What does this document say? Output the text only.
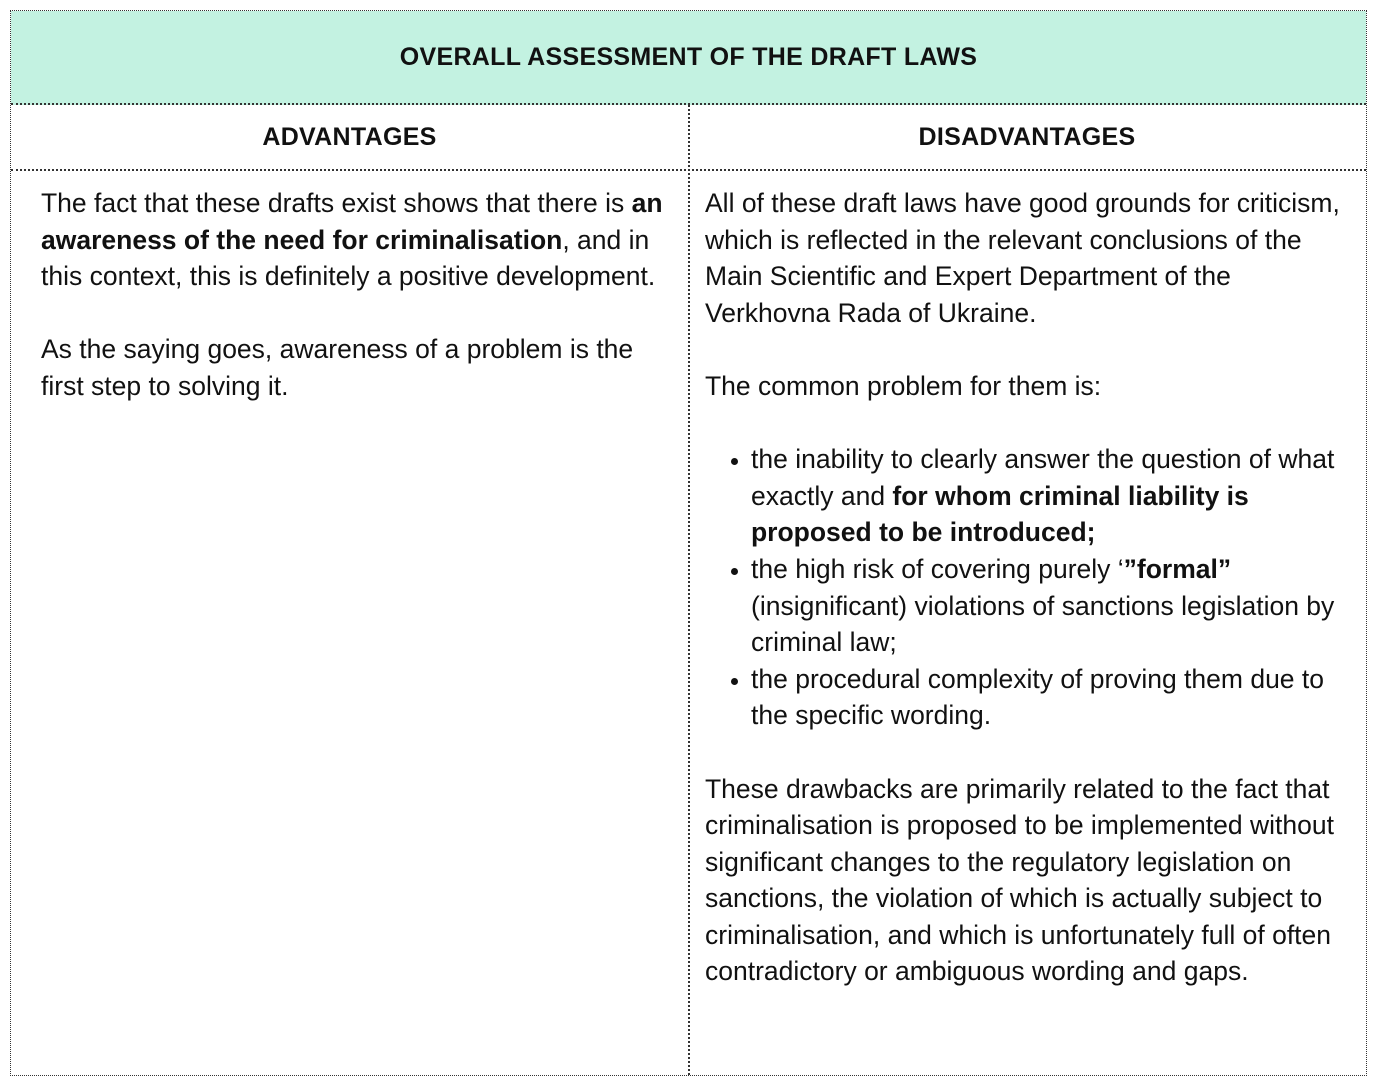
OVERALL ASSESSMENT OF THE DRAFT LAWS
ADVANTAGES	DISADVANTAGES

The fact that these drafts exist shows that there is an awareness of the need for criminalisation, and in this context, this is definitely a positive development.

As the saying goes, awareness of a problem is the first step to solving it.

All of these draft laws have good grounds for criticism, which is reflected in the relevant conclusions of the Main Scientific and Expert Department of the Verkhovna Rada of Ukraine.

The common problem for them is:

• the inability to clearly answer the question of what exactly and for whom criminal liability is proposed to be introduced;
• the high risk of covering purely ‘”formal” (insignificant) violations of sanctions legislation by criminal law;
• the procedural complexity of proving them due to the specific wording.

These drawbacks are primarily related to the fact that criminalisation is proposed to be implemented without significant changes to the regulatory legislation on sanctions, the violation of which is actually subject to criminalisation, and which is unfortunately full of often contradictory or ambiguous wording and gaps.
